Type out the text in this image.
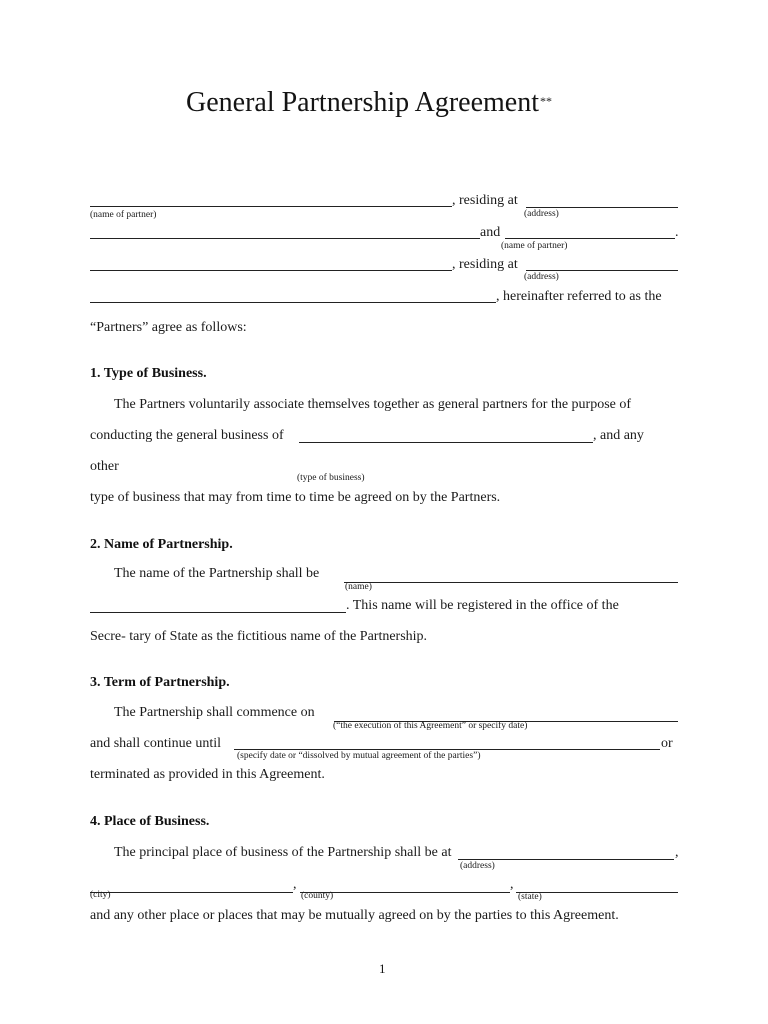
General Partnership Agreement**
, residing at
(name of partner)	(address)
and	.
(name of partner)
, residing at
(address)
, hereinafter referred to as the
“Partners” agree as follows:
1. Type of Business.
The Partners voluntarily associate themselves together as general partners for the purpose of
conducting the general business of	, and any
other
(type of business)
type of business that may from time to time be agreed on by the Partners.
2. Name of Partnership.
The name of the Partnership shall be
(name)
. This name will be registered in the office of the
Secre- tary of State as the fictitious name of the Partnership.
3. Term of Partnership.
The Partnership shall commence on
(“the execution of this Agreement” or specify date)
and shall continue until	or
(specify date or “dissolved by mutual agreement of the parties”)
terminated as provided in this Agreement.
4. Place of Business.
The principal place of business of the Partnership shall be at	,
(address)
(city)
,
(county)
,
(state)
and any other place or places that may be mutually agreed on by the parties to this Agreement.
1
